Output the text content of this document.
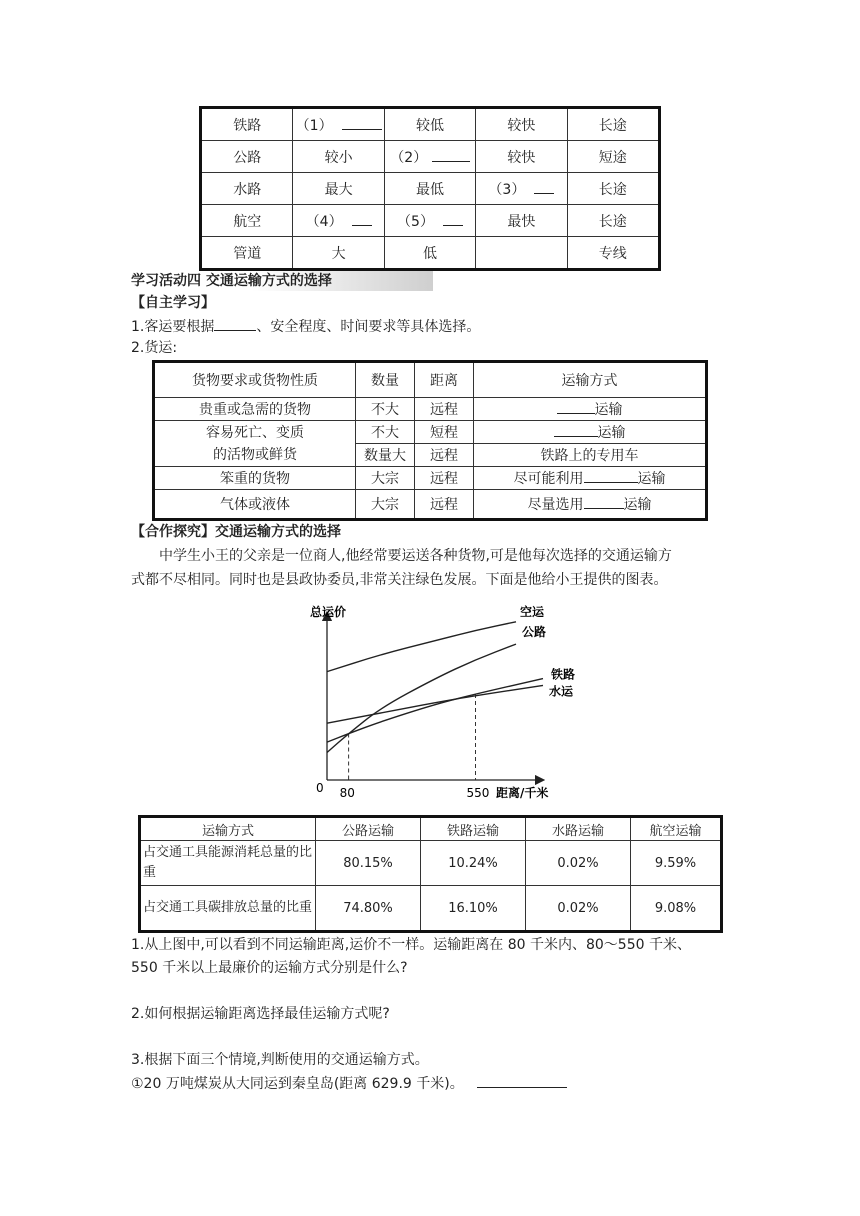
铁路	（1）	较低	较快	长途
公路	较小	（2）	较快	短途
水路	最大	最低	（3）	长途
航空	（4）	（5）	最快	长途
管道	大	低		专线
学习活动四 交通运输方式的选择
【自主学习】
1.客运要根据	、安全程度、时间要求等具体选择。
2.货运:
货物要求或货物性质	数量	距离	运输方式
贵重或急需的货物	不大	远程	运输
容易死亡、变质
的活物或鲜货	不大	短程	运输
	数量大	远程	铁路上的专用车
笨重的货物	大宗	远程	尽可能利用 运输
气体或液体	大宗	远程	尽量选用 运输
【合作探究】交通运输方式的选择
中学生小王的父亲是一位商人,他经常要运送各种货物,可是他每次选择的交通运输方
式都不尽相同。同时也是县政协委员,非常关注绿色发展。下面是他给小王提供的图表。
总运价
距离/千米
0 80	550
空运
公路
铁路
水运
运输方式	公路运输	铁路运输	水路运输	航空运输
占交通工具能源消耗总量的比重	80.15%	10.24%	0.02%	9.59%
占交通工具碳排放总量的比重	74.80%	16.10%	0.02%	9.08%
1.从上图中,可以看到不同运输距离,运价不一样。运输距离在 80 千米内、80～550 千米、
550 千米以上最廉价的运输方式分别是什么?
2.如何根据运输距离选择最佳运输方式呢?
3.根据下面三个情境,判断使用的交通运输方式。
①20 万吨煤炭从大同运到秦皇岛(距离 629.9 千米)。
